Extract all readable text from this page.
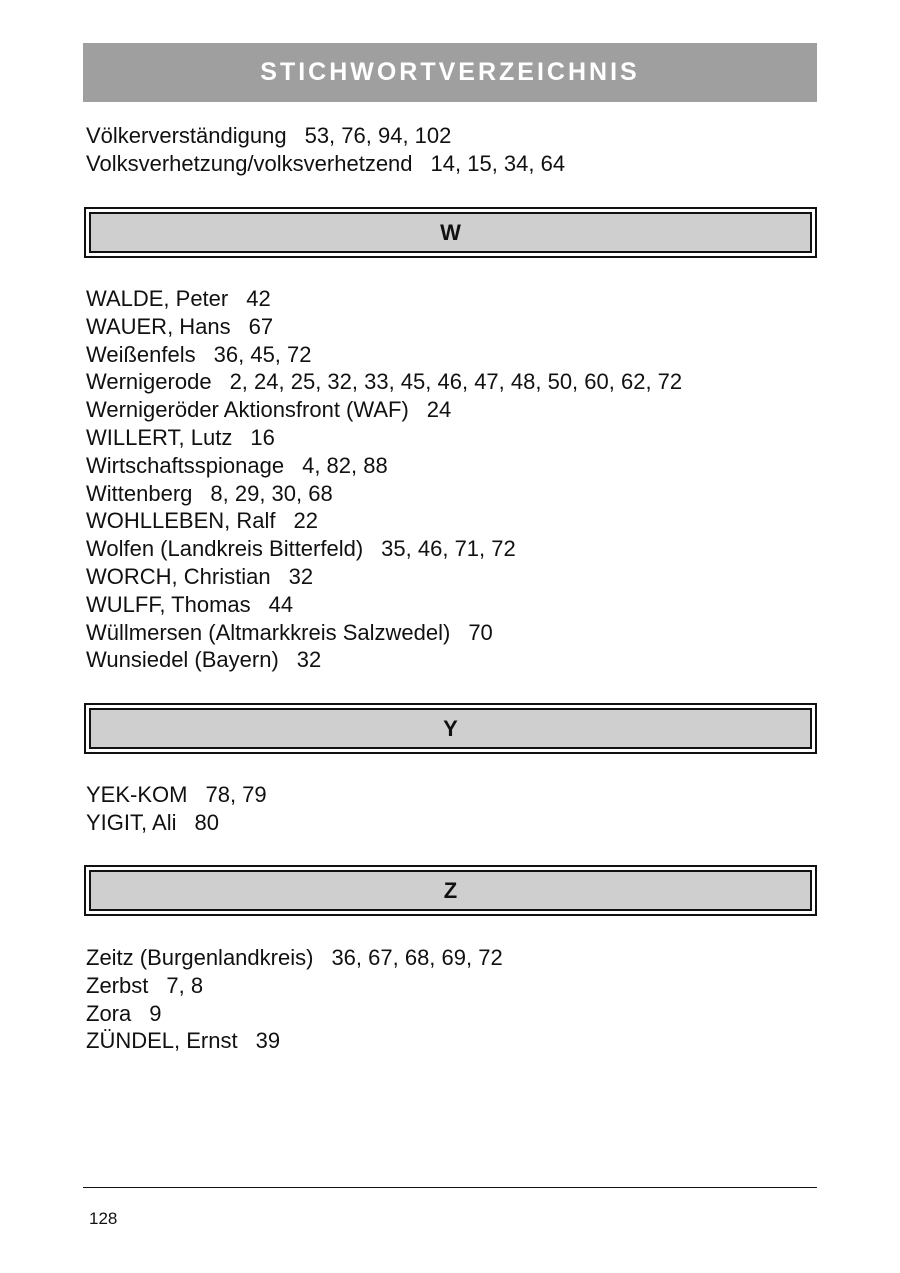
STICHWORTVERZEICHNIS
Völkerverständigung 53, 76, 94, 102
Volksverhetzung/volksverhetzend 14, 15, 34, 64
W
WALDE, Peter 42
WAUER, Hans 67
Weißenfels 36, 45, 72
Wernigerode 2, 24, 25, 32, 33, 45, 46, 47, 48, 50, 60, 62, 72
Wernigeröder Aktionsfront (WAF) 24
WILLERT, Lutz 16
Wirtschaftsspionage 4, 82, 88
Wittenberg 8, 29, 30, 68
WOHLLEBEN, Ralf 22
Wolfen (Landkreis Bitterfeld) 35, 46, 71, 72
WORCH, Christian 32
WULFF, Thomas 44
Wüllmersen (Altmarkkreis Salzwedel) 70
Wunsiedel (Bayern) 32
Y
YEK-KOM 78, 79
YIGIT, Ali 80
Z
Zeitz (Burgenlandkreis) 36, 67, 68, 69, 72
Zerbst 7, 8
Zora 9
ZÜNDEL, Ernst 39
128
